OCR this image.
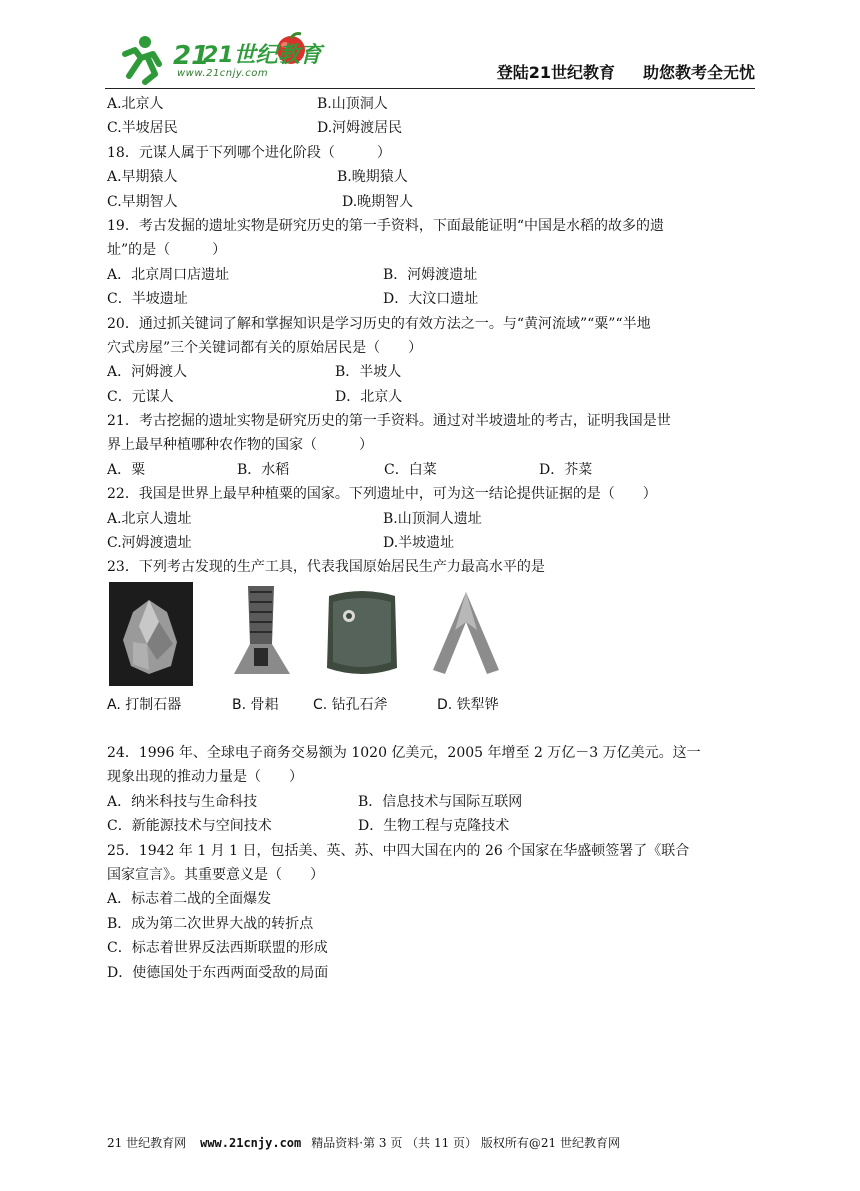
21
www.21cnjy.com
21世纪教育
登陆21世纪教育 助您教考全无忧
A.北京人	B.山顶洞人
C.半坡居民	D.河姆渡居民
18．元谋人属于下列哪个进化阶段（　　　）
A.早期猿人	B.晚期猿人
C.早期智人	D.晚期智人
19．考古发掘的遗址实物是研究历史的第一手资料，下面最能证明“中国是水稻的故多的遗
址”的是（　　　）
A．北京周口店遗址	B．河姆渡遗址
C．半坡遗址	D．大汶口遗址
20．通过抓关键词了解和掌握知识是学习历史的有效方法之一。与“黄河流域”“粟”“半地
穴式房屋”三个关键词都有关的原始居民是（　　）
A．河姆渡人	B．半坡人
C．元谋人	D．北京人
21．考古挖掘的遗址实物是研究历史的第一手资料。通过对半坡遗址的考古，证明我国是世
界上最早种植哪种农作物的国家（　　　）
A．粟	B．水稻	C．白菜	D．芥菜
22．我国是世界上最早种植粟的国家。下列遗址中，可为这一结论提供证据的是（　　）
A.北京人遗址	B.山顶洞人遗址
C.河姆渡遗址	D.半坡遗址
23．下列考古发现的生产工具，代表我国原始居民生产力最高水平的是
A. 打制石器	B. 骨耜 C. 钻孔石斧	D. 铁犁铧
24．1996 年、全球电子商务交易额为 1020 亿美元，2005 年增至 2 万亿－3 万亿美元。这一
现象出现的推动力量是（　　）
A．纳米科技与生命科技	B．信息技术与国际互联网
C．新能源技术与空间技术	D．生物工程与克隆技术
25．1942 年 1 月 1 日，包括美、英、苏、中四大国在内的 26 个国家在华盛顿签署了《联合
国家宣言》。其重要意义是（　　）
A．标志着二战的全面爆发
B．成为第二次世界大战的转折点
C．标志着世界反法西斯联盟的形成
D．使德国处于东西两面受敌的局面
21 世纪教育网 www.21cnjy.com 精品资料·第 3 页 （共 11 页） 版权所有@21 世纪教育网
